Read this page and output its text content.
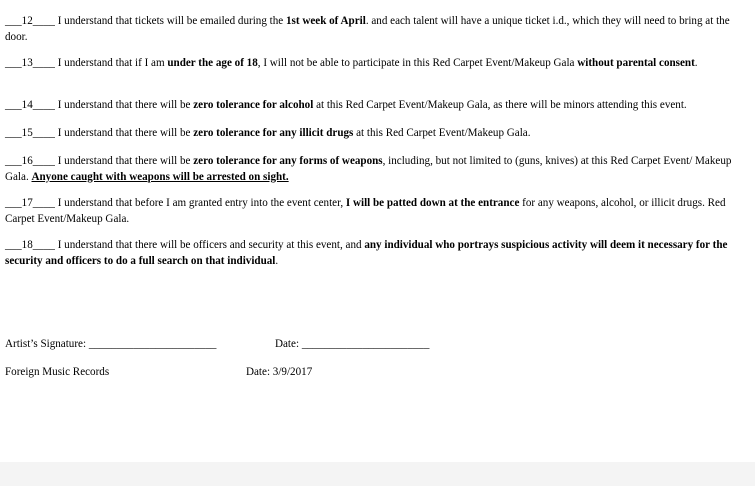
___12____ I understand that tickets will be emailed during the 1st week of April. and each talent will have a unique ticket i.d., which they will need to bring at the door.
___13____ I understand that if I am under the age of 18, I will not be able to participate in this Red Carpet Event/Makeup Gala without parental consent.
___14____ I understand that there will be zero tolerance for alcohol at this Red Carpet Event/Makeup Gala, as there will be minors attending this event.
___15____ I understand that there will be zero tolerance for any illicit drugs at this Red Carpet Event/Makeup Gala.
___16____ I understand that there will be zero tolerance for any forms of weapons, including, but not limited to (guns, knives) at this Red Carpet Event/ Makeup Gala. Anyone caught with weapons will be arrested on sight.
___17____ I understand that before I am granted entry into the event center, I will be patted down at the entrance for any weapons, alcohol, or illicit drugs. Red Carpet Event/Makeup Gala.
___18____ I understand that there will be officers and security at this event, and any individual who portrays suspicious activity will deem it necessary for the security and officers to do a full search on that individual.
Artist’s Signature: _______________________	Date: _______________________
Foreign Music Records	Date: 3/9/2017
